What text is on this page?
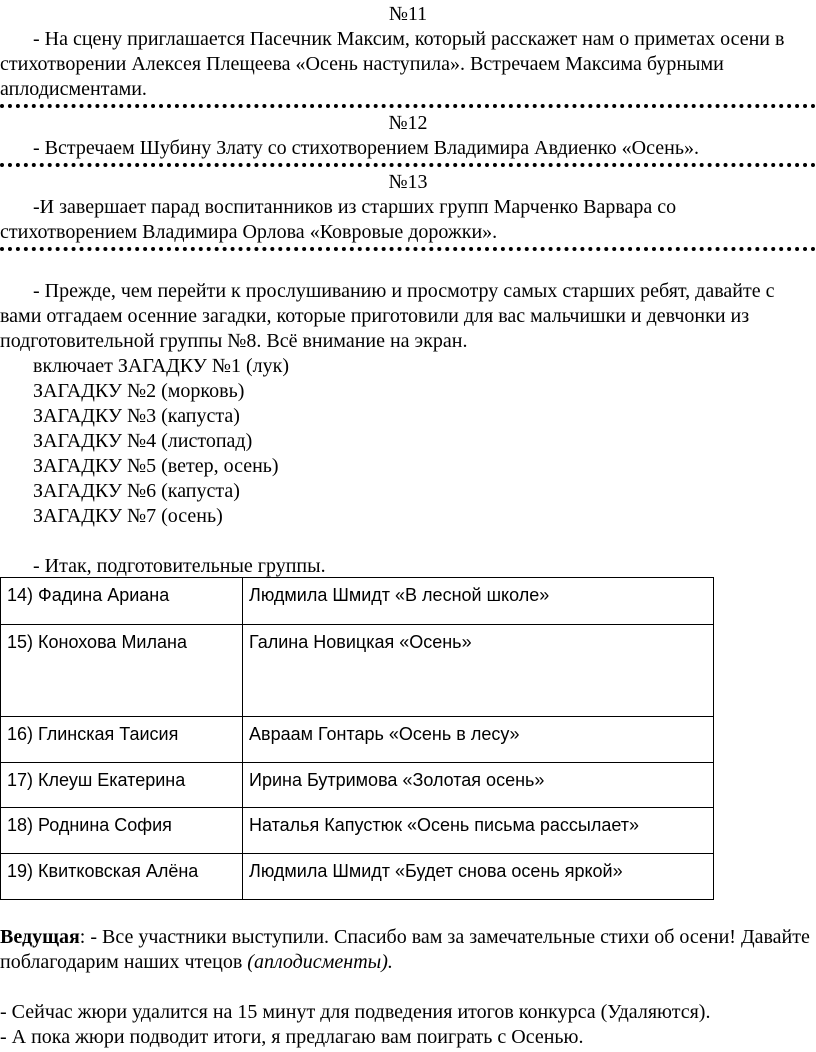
№11

- На сцену приглашается Пасечник Максим, который расскажет нам о приметах осени в стихотворении Алексея Плещеева «Осень наступила». Встречаем Максима бурными аплодисментами.

№12

- Встречаем Шубину Злату со стихотворением Владимира Авдиенко «Осень».

№13

-И завершает парад воспитанников из старших групп Марченко Варвара со стихотворением Владимира Орлова «Ковровые дорожки».

- Прежде, чем перейти к прослушиванию и просмотру самых старших ребят, давайте с вами отгадаем осенние загадки, которые приготовили для вас мальчишки и девчонки из подготовительной группы №8. Всё внимание на экран.

включает ЗАГАДКУ №1 (лук)
ЗАГАДКУ №2 (морковь)
ЗАГАДКУ №3 (капуста)
ЗАГАДКУ №4 (листопад)
ЗАГАДКУ №5 (ветер, осень)
ЗАГАДКУ №6 (капуста)
ЗАГАДКУ №7 (осень)

- Итак, подготовительные группы.

14) Фадина Ариана	Людмила Шмидт «В лесной школе»
15) Конохова Милана	Галина Новицкая «Осень»
16) Глинская Таисия	Авраам Гонтарь «Осень в лесу»
17) Клеуш Екатерина	Ирина Бутримова «Золотая осень»
18) Роднина София	Наталья Капустюк «Осень письма рассылает»
19) Квитковская Алёна	Людмила Шмидт «Будет снова осень яркой»

Ведущая: - Все участники выступили. Спасибо вам за замечательные стихи об осени! Давайте поблагодарим наших чтецов (аплодисменты).

- Сейчас жюри удалится на 15 минут для подведения итогов конкурса (Удаляются).

- А пока жюри подводит итоги, я предлагаю вам поиграть с Осенью.
